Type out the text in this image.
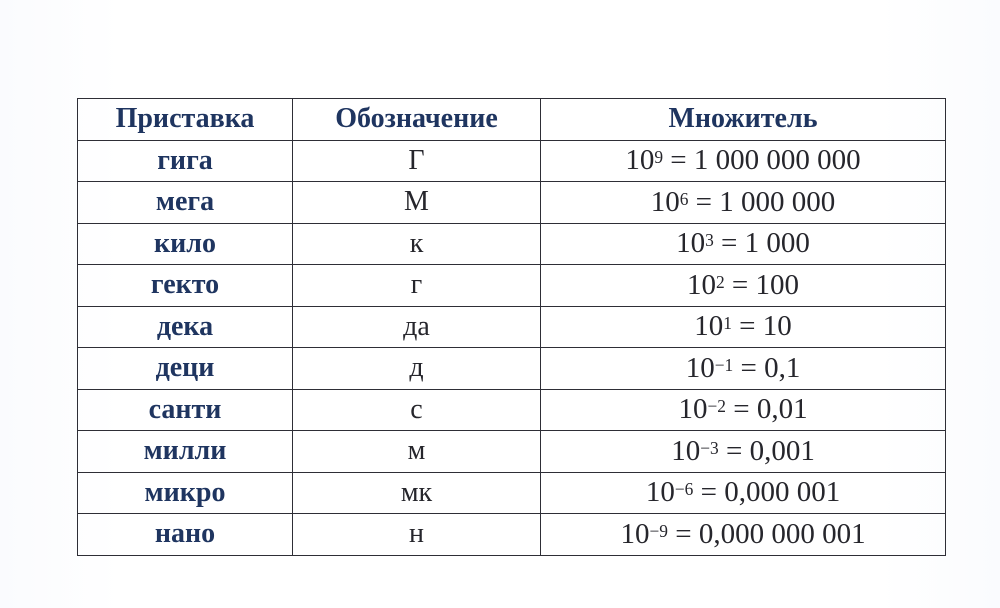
Приставка	Обозначение	Множитель
гига	Г	$10^9 = 1$ 000 000 000
мега	М	$10^6 = 1$ 000 000
кило	к	$10^3 = 1$ 000
гекто	г	$10^2 = 100$
дека	да	$10^1 = 10$
деци	д	$10^{-1} = 0,1$
санти	с	$10^{-2} = 0,01$
милли	м	$10^{-3} = 0,001$
микро	мк	$10^{-6} = 0,000$ 001
нано	н	$10^{-9} = 0,000$ 000 001
